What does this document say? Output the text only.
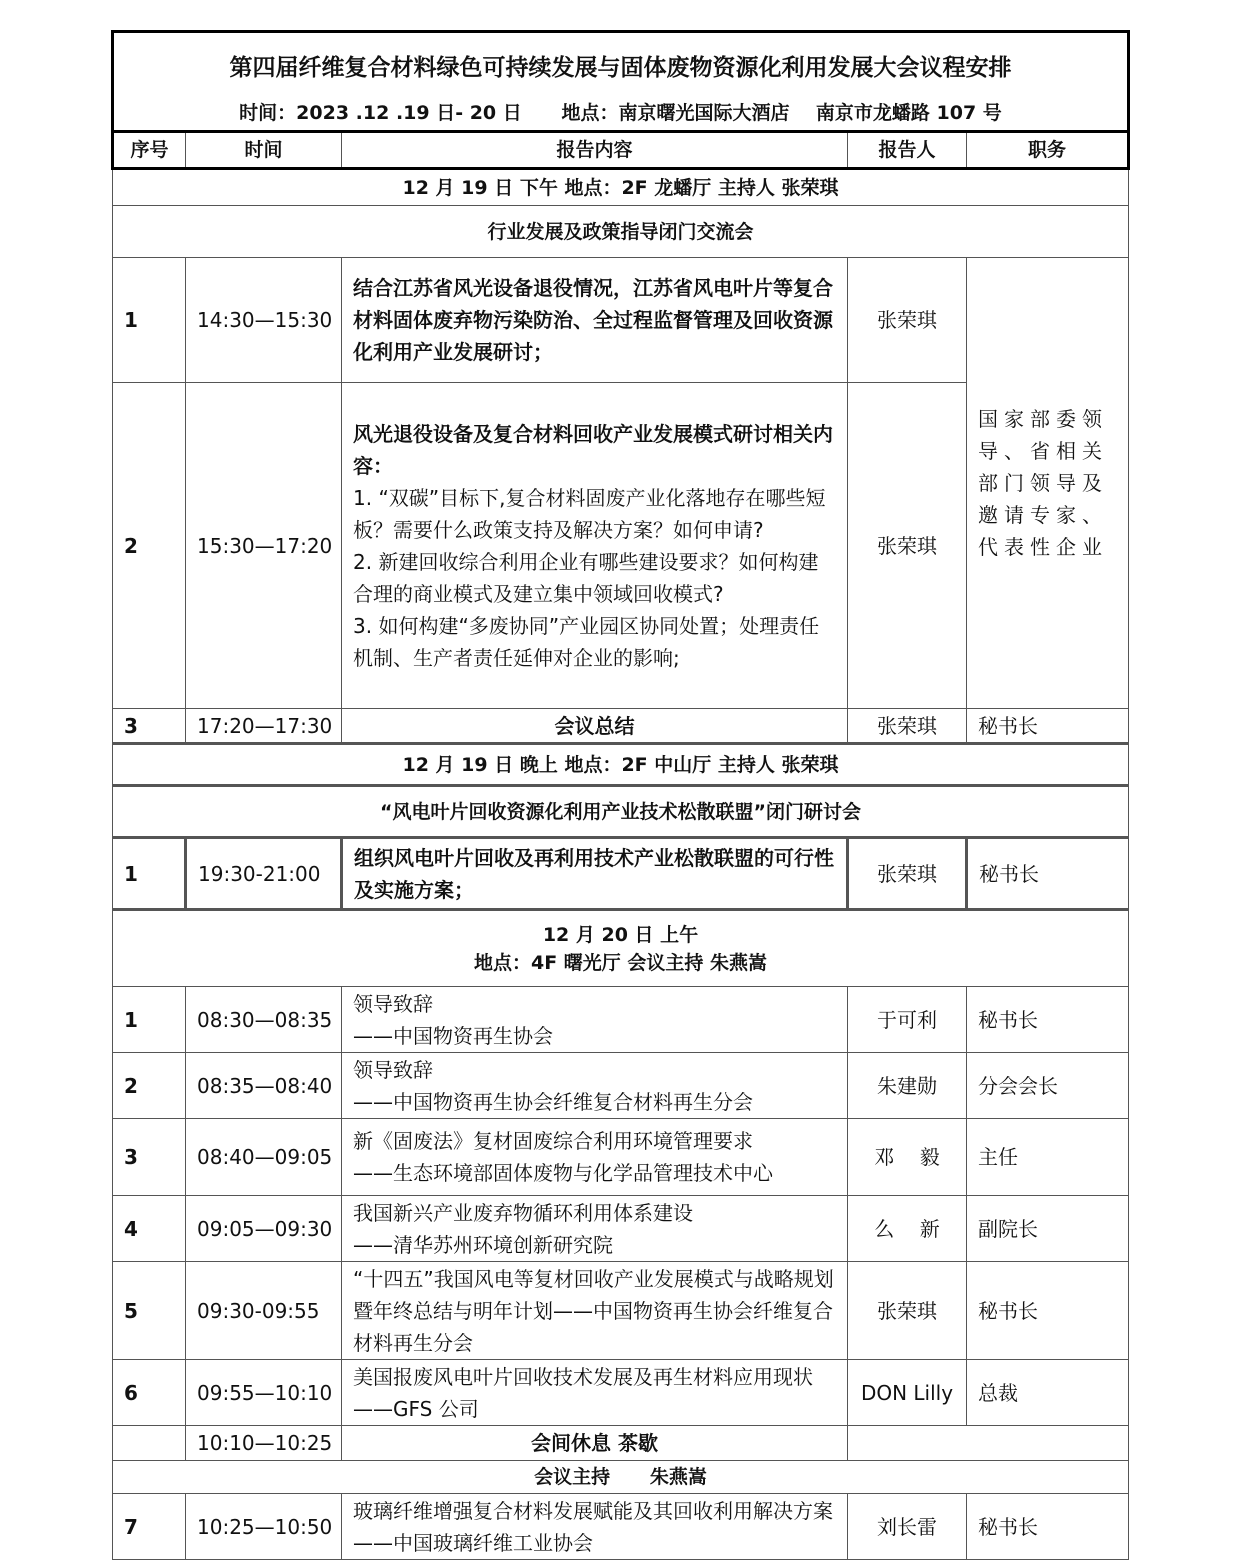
第四届纤维复合材料绿色可持续发展与固体废物资源化利用发展大会议程安排
时间：2023 .12 .19 日- 20 日      地点：南京曙光国际大酒店    南京市龙蟠路 107 号				

序号	时间	报告内容	报告人	职务
12 月 19 日 下午 地点：2F 龙蟠厅 主持人 张荣琪				
行业发展及政策指导闭门交流会				
1	14:30—15:30	结合江苏省风光设备退役情况，江苏省风电叶片等复合材料固体废弃物污染防治、全过程监督管理及回收资源化利用产业发展研讨；	张荣琪	国家部委领导、省相关部门领导及邀请专家、代表性企业
2	15:30—17:20	风光退役设备及复合材料回收产业发展模式研讨相关内容：
1. “双碳”目标下,复合材料固废产业化落地存在哪些短板？需要什么政策支持及解决方案？如何申请?
2. 新建回收综合利用企业有哪些建设要求？如何构建合理的商业模式及建立集中领域回收模式?
3. 如何构建“多废协同”产业园区协同处置；处理责任机制、生产者责任延伸对企业的影响;	张荣琪	
3	17:20—17:30	会议总结	张荣琪	秘书长
12 月 19 日 晚上 地点：2F 中山厅 主持人 张荣琪				
“风电叶片回收资源化利用产业技术松散联盟”闭门研讨会				
1	19:30-21:00	组织风电叶片回收及再利用技术产业松散联盟的可行性及实施方案；	张荣琪	秘书长

12 月 20 日 上午
地点：4F 曙光厅 会议主持 朱燕嵩				

1	08:30—08:35	领导致辞
——中国物资再生协会	于可利	秘书长
2	08:35—08:40	领导致辞
——中国物资再生协会纤维复合材料再生分会	朱建勋	分会会长
3	08:40—09:05	新《固废法》复材固废综合利用环境管理要求
——生态环境部固体废物与化学品管理技术中心	邓    毅	主任
4	09:05—09:30	我国新兴产业废弃物循环利用体系建设
——清华苏州环境创新研究院	么    新	副院长
5	09:30-09:55	“十四五”我国风电等复材回收产业发展模式与战略规划暨年终总结与明年计划——中国物资再生协会纤维复合材料再生分会	张荣琪	秘书长
6	09:55—10:10	美国报废风电叶片回收技术发展及再生材料应用现状——GFS 公司	DON Lilly	总裁
	10:10—10:25	会间休息 茶歇		
会议主持      朱燕嵩				
7	10:25—10:50	玻璃纤维增强复合材料发展赋能及其回收利用解决方案——中国玻璃纤维工业协会	刘长雷	秘书长
